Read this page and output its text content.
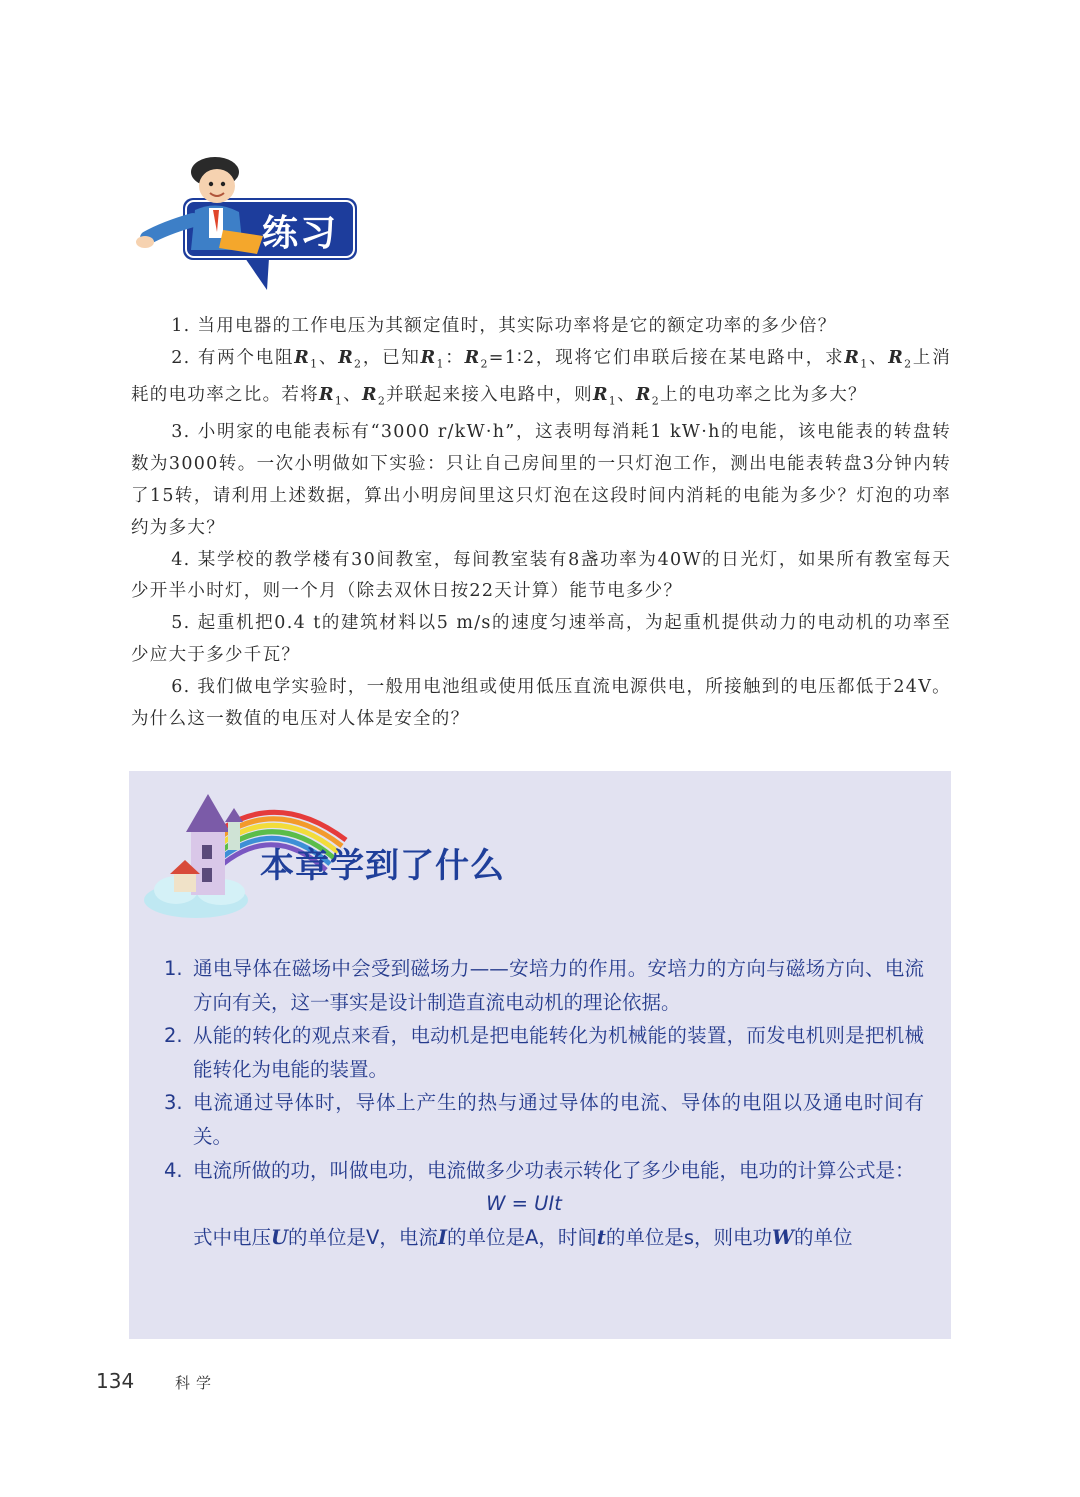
练习

1. 当用电器的工作电压为其额定值时，其实际功率将是它的额定功率的多少倍？

2. 有两个电阻$R_1$、$R_2$，已知$R_1$：$R_2=1∶2$，现将它们串联后接在某电路中，求$R_1$、$R_2$上消耗的电功率之比。若将$R_1$、$R_2$并联起来接入电路中，则$R_1$、$R_2$上的电功率之比为多大？

3. 小明家的电能表标有“3000 r/kW·h”，这表明每消耗1 kW·h的电能，该电能表的转盘转数为3000转。一次小明做如下实验：只让自己房间里的一只灯泡工作，测出电能表转盘3分钟内转了15转，请利用上述数据，算出小明房间里这只灯泡在这段时间内消耗的电能为多少？灯泡的功率约为多大？

4. 某学校的教学楼有30间教室，每间教室装有8盏功率为40W的日光灯，如果所有教室每天少开半小时灯，则一个月（除去双休日按22天计算）能节电多少？

5. 起重机把0.4 t的建筑材料以5 m/s的速度匀速举高，为起重机提供动力的电动机的功率至少应大于多少千瓦？

6. 我们做电学实验时，一般用电池组或使用低压直流电源供电，所接触到的电压都低于24V。为什么这一数值的电压对人体是安全的？

本章学到了什么
1. 通电导体在磁场中会受到磁场力——安培力的作用。安培力的方向与磁场方向、电流方向有关，这一事实是设计制造直流电动机的理论依据。
2. 从能的转化的观点来看，电动机是把电能转化为机械能的装置，而发电机则是把机械能转化为电能的装置。
3. 电流通过导体时，导体上产生的热与通过导体的电流、导体的电阻以及通电时间有关。
4. 电流所做的功，叫做电功，电流做多少功表示转化了多少电能，电功的计算公式是：
W = UIt
式中电压U的单位是V，电流I的单位是A，时间t的单位是s，则电功W的单位
134	科学
